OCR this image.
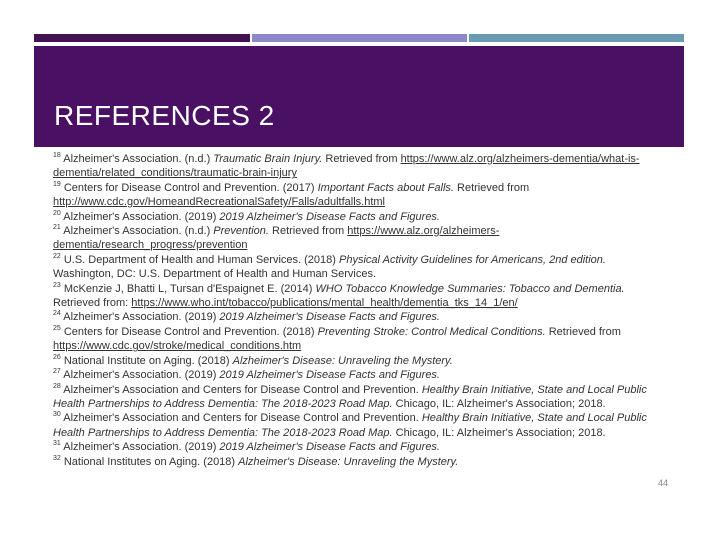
REFERENCES 2

$^{18}$ Alzheimer's Association. (n.d.) Traumatic Brain Injury. Retrieved from https://www.alz.org/alzheimers-dementia/what-is-dementia/related_conditions/traumatic-brain-injury

$^{19}$ Centers for Disease Control and Prevention. (2017) Important Facts about Falls. Retrieved from http://www.cdc.gov/HomeandRecreationalSafety/Falls/adultfalls.html

$^{20}$ Alzheimer's Association. (2019) 2019 Alzheimer's Disease Facts and Figures.

$^{21}$ Alzheimer's Association. (n.d.) Prevention. Retrieved from https://www.alz.org/alzheimers-dementia/research_progress/prevention

$^{22}$ U.S. Department of Health and Human Services. (2018) Physical Activity Guidelines for Americans, 2nd edition. Washington, DC: U.S. Department of Health and Human Services.

$^{23}$ McKenzie J, Bhatti L, Tursan d'Espaignet E. (2014) WHO Tobacco Knowledge Summaries: Tobacco and Dementia. Retrieved from: https://www.who.int/tobacco/publications/mental_health/dementia_tks_14_1/en/

$^{24}$ Alzheimer's Association. (2019) 2019 Alzheimer's Disease Facts and Figures.

$^{25}$ Centers for Disease Control and Prevention. (2018) Preventing Stroke: Control Medical Conditions. Retrieved from https://www.cdc.gov/stroke/medical_conditions.htm

$^{26}$ National Institute on Aging. (2018) Alzheimer's Disease: Unraveling the Mystery.

$^{27}$ Alzheimer's Association. (2019) 2019 Alzheimer's Disease Facts and Figures.

$^{28}$ Alzheimer's Association and Centers for Disease Control and Prevention. Healthy Brain Initiative, State and Local Public Health Partnerships to Address Dementia: The 2018-2023 Road Map. Chicago, IL: Alzheimer's Association; 2018.

$^{30}$ Alzheimer's Association and Centers for Disease Control and Prevention. Healthy Brain Initiative, State and Local Public Health Partnerships to Address Dementia: The 2018-2023 Road Map. Chicago, IL: Alzheimer's Association; 2018.

$^{31}$ Alzheimer's Association. (2019) 2019 Alzheimer's Disease Facts and Figures.

$^{32}$ National Institutes on Aging. (2018) Alzheimer's Disease: Unraveling the Mystery.

44
